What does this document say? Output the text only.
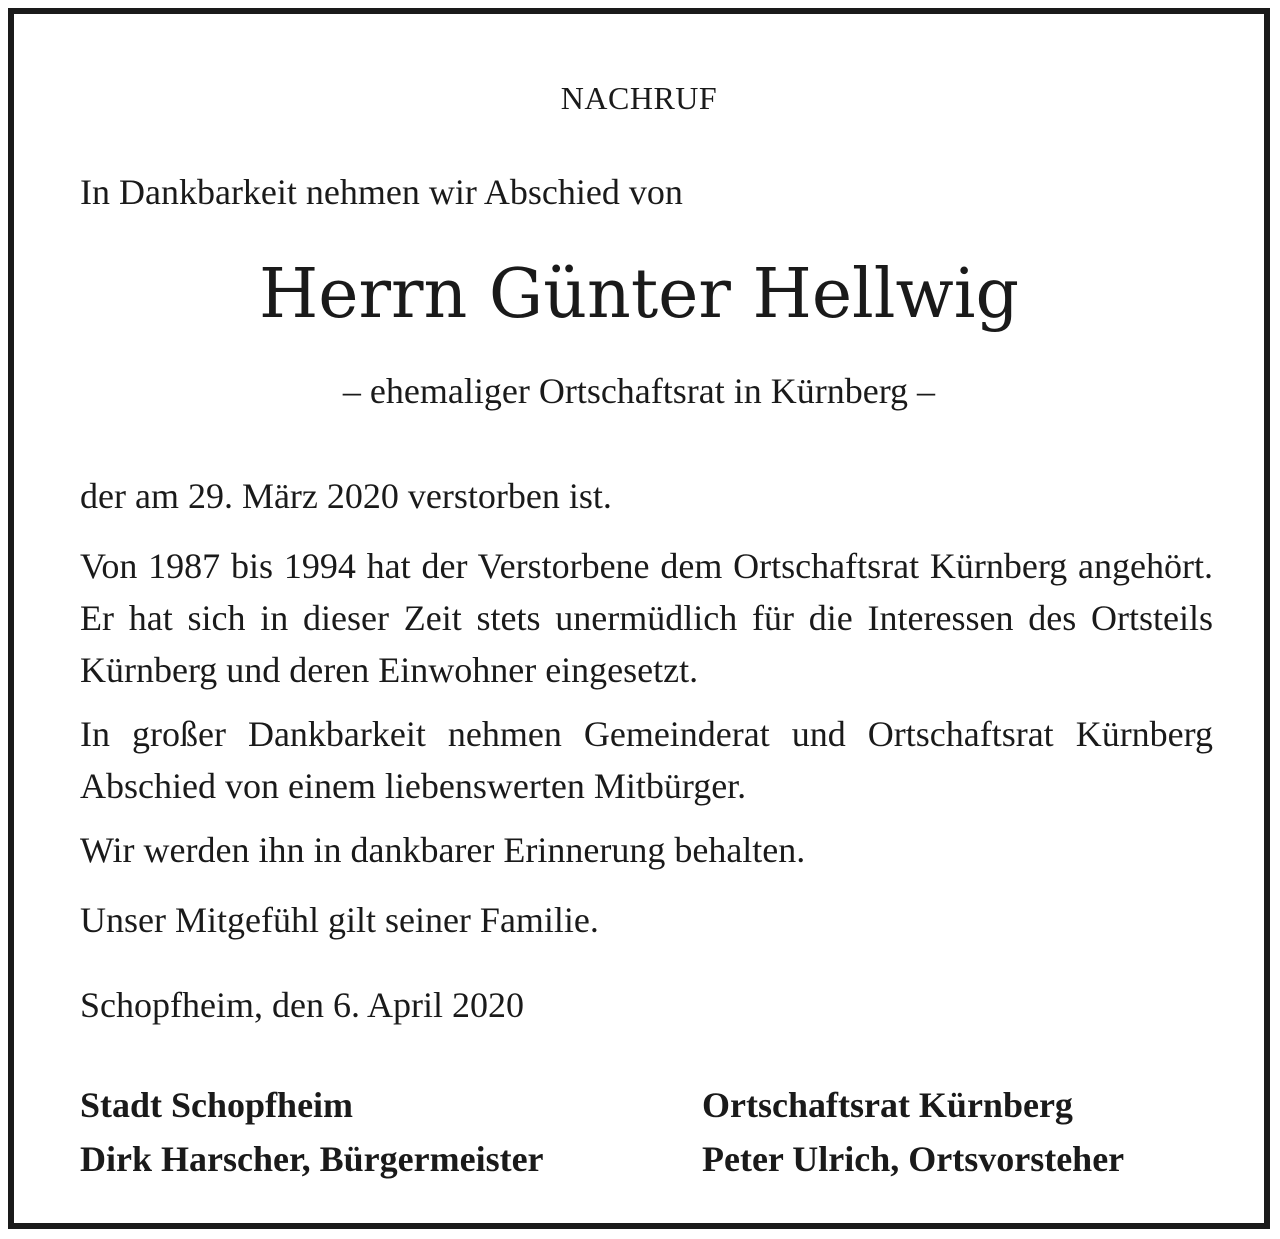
NACHRUF
In Dankbarkeit nehmen wir Abschied von
Herrn Günter Hellwig
– ehemaliger Ortschaftsrat in Kürnberg –
der am 29. März 2020 verstorben ist.
Von 1987 bis 1994 hat der Verstorbene dem Ortschaftsrat Kürnberg angehört. Er hat sich in dieser Zeit stets unermüdlich für die Interessen des Ortsteils Kürnberg und deren Einwohner eingesetzt.
In großer Dankbarkeit nehmen Gemeinderat und Ortschaftsrat Kürnberg Abschied von einem liebenswerten Mitbürger.
Wir werden ihn in dankbarer Erinnerung behalten.
Unser Mitgefühl gilt seiner Familie.
Schopfheim, den 6. April 2020
Stadt Schopfheim
Dirk Harscher, Bürgermeister
Ortschaftsrat Kürnberg
Peter Ulrich, Ortsvorsteher
